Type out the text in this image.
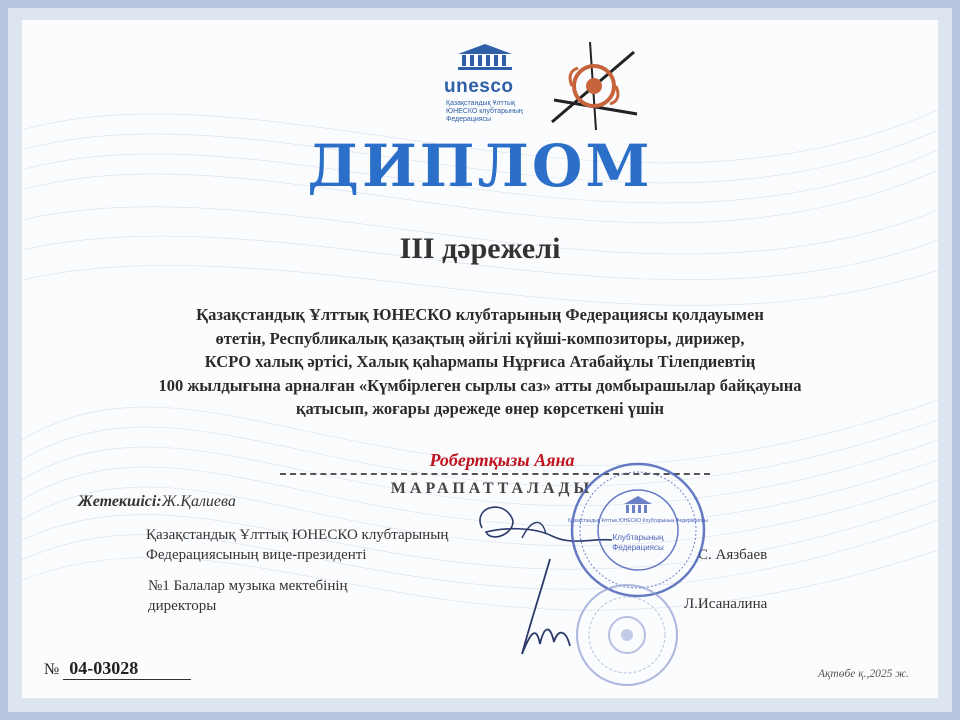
unesco
Қазақстандық Ұлттық ЮНЕСКО клубтарының Федерациясы
ДИПЛОМ
III дәрежелі
Қазақстандық Ұлттық ЮНЕСКО клубтарының Федерациясы қолдауымен
өтетін, Республикалық қазақтың әйгілі күйші-композиторы, дирижер,
КСРО халық әртісі, Халық қаһармапы Нұрғиса Атабайұлы Тілепдиевтің
100 жылдығына арналған «Күмбірлеген сырлы саз» атты домбырашылар байқауына
қатысып, жоғары дәрежеде өнер көрсеткені үшін
Робертқызы Аяна
МАРАПАТТАЛАДЫ
Жетекшісі:Ж.Қалиева
Қазақстандық Ұлттық ЮНЕСКО клубтарының
Федерациясының вице-президенті	С. Аязбаев
№1 Балалар музыка мектебінің
директоры	Л.Исаналина
Қазақстандық Ұлттық ЮНЕСКО Клубтарының Федерациясы
Клубтарының
Федерациясы
№ 04-03028	Ақтөбе қ.,2025 ж.
